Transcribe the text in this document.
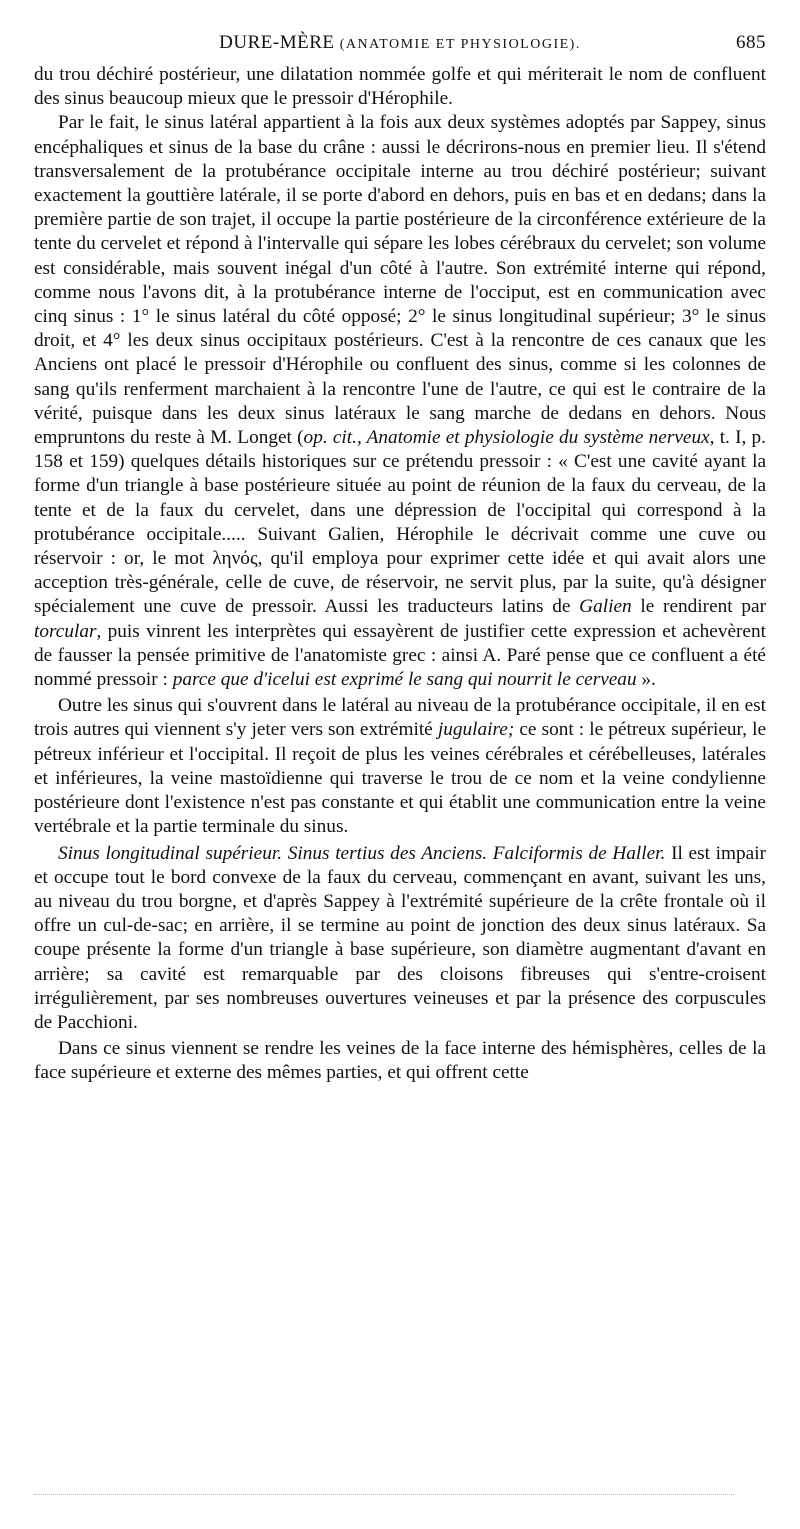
DURE-MÈRE (ANATOMIE ET PHYSIOLOGIE).	685

du trou déchiré postérieur, une dilatation nommée golfe et qui mériterait le nom de confluent des sinus beaucoup mieux que le pressoir d'Hérophile.

Par le fait, le sinus latéral appartient à la fois aux deux systèmes adoptés par Sappey, sinus encéphaliques et sinus de la base du crâne : aussi le décrirons-nous en premier lieu. Il s'étend transversalement de la protubérance occipitale interne au trou déchiré postérieur; suivant exactement la gouttière latérale, il se porte d'abord en dehors, puis en bas et en dedans; dans la première partie de son trajet, il occupe la partie postérieure de la circonférence extérieure de la tente du cervelet et répond à l'intervalle qui sépare les lobes cérébraux du cervelet; son volume est considérable, mais souvent inégal d'un côté à l'autre. Son extrémité interne qui répond, comme nous l'avons dit, à la protubérance interne de l'occiput, est en communication avec cinq sinus : 1° le sinus latéral du côté opposé; 2° le sinus longitudinal supérieur; 3° le sinus droit, et 4° les deux sinus occipitaux postérieurs. C'est à la rencontre de ces canaux que les Anciens ont placé le pressoir d'Hérophile ou confluent des sinus, comme si les colonnes de sang qu'ils renferment marchaient à la rencontre l'une de l'autre, ce qui est le contraire de la vérité, puisque dans les deux sinus latéraux le sang marche de dedans en dehors. Nous empruntons du reste à M. Longet (op. cit., Anatomie et physiologie du système nerveux, t. I, p. 158 et 159) quelques détails historiques sur ce prétendu pressoir : « C'est une cavité ayant la forme d'un triangle à base postérieure située au point de réunion de la faux du cerveau, de la tente et de la faux du cervelet, dans une dépression de l'occipital qui correspond à la protubérance occipitale..... Suivant Galien, Hérophile le décrivait comme une cuve ou réservoir : or, le mot ληνός, qu'il employa pour exprimer cette idée et qui avait alors une acception très-générale, celle de cuve, de réservoir, ne servit plus, par la suite, qu'à désigner spécialement une cuve de pressoir. Aussi les traducteurs latins de Galien le rendirent par torcular, puis vinrent les interprètes qui essayèrent de justifier cette expression et achevèrent de fausser la pensée primitive de l'anatomiste grec : ainsi A. Paré pense que ce confluent a été nommé pressoir : parce que d'icelui est exprimé le sang qui nourrit le cerveau ».

Outre les sinus qui s'ouvrent dans le latéral au niveau de la protubérance occipitale, il en est trois autres qui viennent s'y jeter vers son extrémité jugulaire; ce sont : le pétreux supérieur, le pétreux inférieur et l'occipital. Il reçoit de plus les veines cérébrales et cérébelleuses, latérales et inférieures, la veine mastoïdienne qui traverse le trou de ce nom et la veine condylienne postérieure dont l'existence n'est pas constante et qui établit une communication entre la veine vertébrale et la partie terminale du sinus.

Sinus longitudinal supérieur. Sinus tertius des Anciens. Falciformis de Haller. Il est impair et occupe tout le bord convexe de la faux du cerveau, commençant en avant, suivant les uns, au niveau du trou borgne, et d'après Sappey à l'extrémité supérieure de la crête frontale où il offre un cul-de-sac; en arrière, il se termine au point de jonction des deux sinus latéraux. Sa coupe présente la forme d'un triangle à base supérieure, son diamètre augmentant d'avant en arrière; sa cavité est remarquable par des cloisons fibreuses qui s'entre-croisent irrégulièrement, par ses nombreuses ouvertures veineuses et par la présence des corpuscules de Pacchioni.

Dans ce sinus viennent se rendre les veines de la face interne des hémisphères, celles de la face supérieure et externe des mêmes parties, et qui offrent cette
